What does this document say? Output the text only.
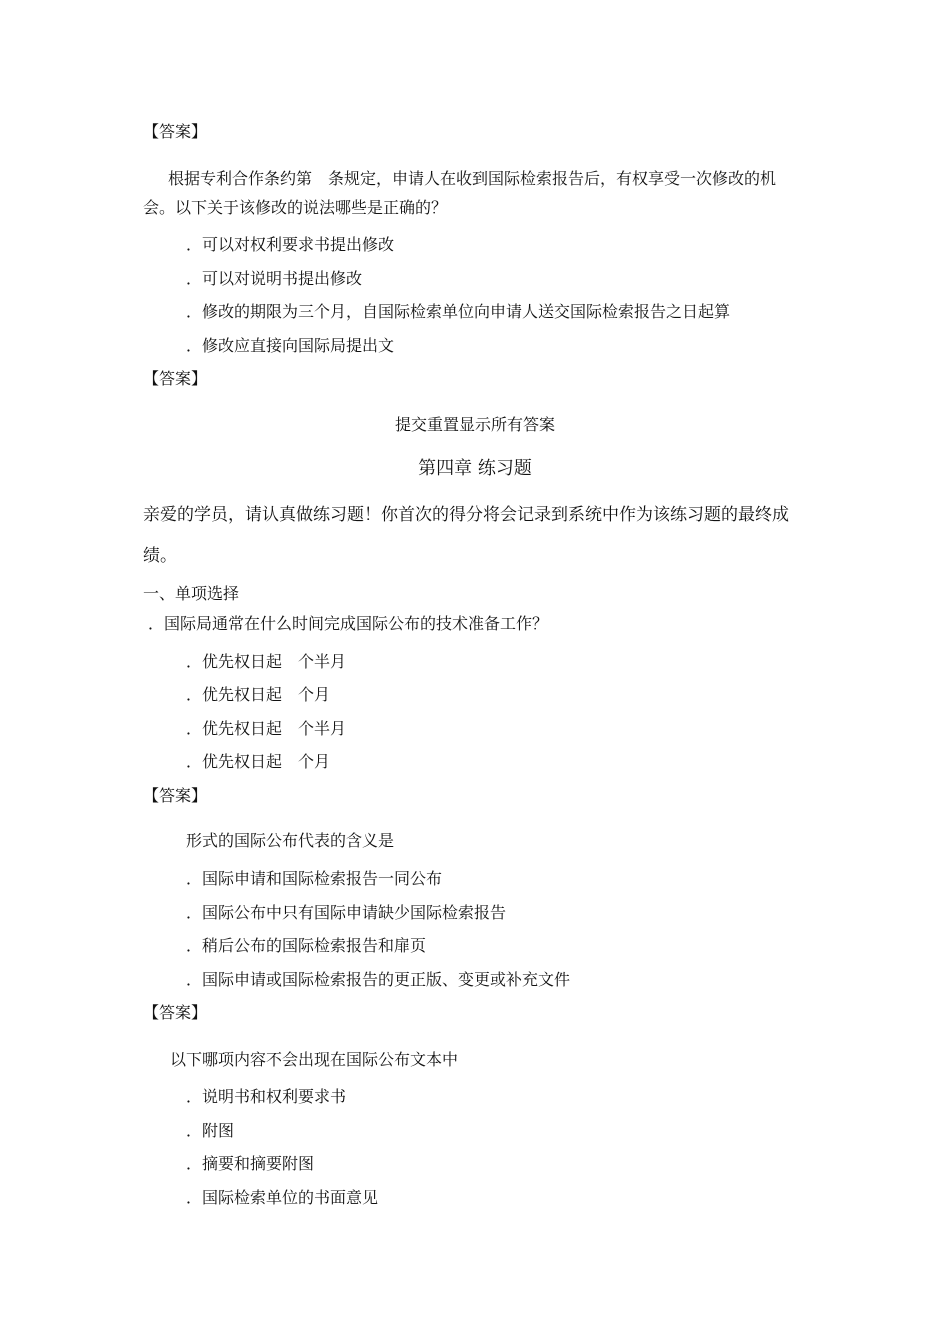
【答案】
根据专利合作条约第　条规定，申请人在收到国际检索报告后，有权享受一次修改的机
会。以下关于该修改的说法哪些是正确的？
．可以对权利要求书提出修改
．可以对说明书提出修改
．修改的期限为三个月，自国际检索单位向申请人送交国际检索报告之日起算
．修改应直接向国际局提出文
【答案】
提交重置显示所有答案
第四章 练习题
亲爱的学员，请认真做练习题！你首次的得分将会记录到系统中作为该练习题的最终成
绩。
一、单项选择
．国际局通常在什么时间完成国际公布的技术准备工作？
．优先权日起　个半月
．优先权日起　个月
．优先权日起　个半月
．优先权日起　个月
【答案】
形式的国际公布代表的含义是
．国际申请和国际检索报告一同公布
．国际公布中只有国际申请缺少国际检索报告
．稍后公布的国际检索报告和扉页
．国际申请或国际检索报告的更正版、变更或补充文件
【答案】
以下哪项内容不会出现在国际公布文本中
．说明书和权利要求书
．附图
．摘要和摘要附图
．国际检索单位的书面意见
